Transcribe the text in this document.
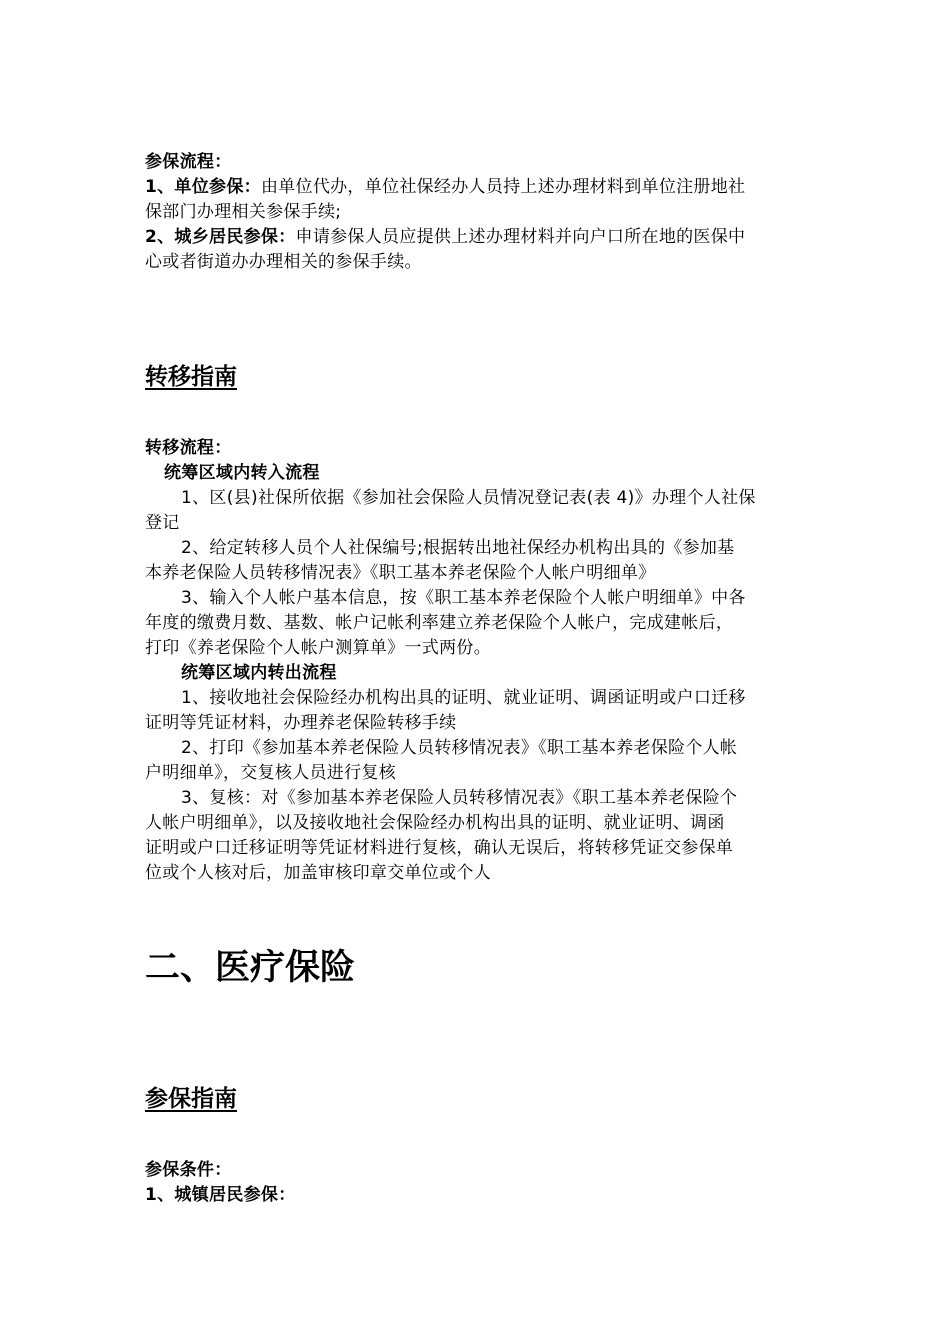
参保流程：
1、单位参保：由单位代办，单位社保经办人员持上述办理材料到单位注册地社
保部门办理相关参保手续;
2、城乡居民参保：申请参保人员应提供上述办理材料并向户口所在地的医保中
心或者街道办办理相关的参保手续。
转移指南
转移流程：
统筹区域内转入流程
1、区(县)社保所依据《参加社会保险人员情况登记表(表 4)》办理个人社保
登记
2、给定转移人员个人社保编号;根据转出地社保经办机构出具的《参加基
本养老保险人员转移情况表》《职工基本养老保险个人帐户明细单》
3、输入个人帐户基本信息，按《职工基本养老保险个人帐户明细单》中各
年度的缴费月数、基数、帐户记帐利率建立养老保险个人帐户，完成建帐后，
打印《养老保险个人帐户测算单》一式两份。
统筹区域内转出流程
1、接收地社会保险经办机构出具的证明、就业证明、调函证明或户口迁移
证明等凭证材料，办理养老保险转移手续
2、打印《参加基本养老保险人员转移情况表》《职工基本养老保险个人帐
户明细单》，交复核人员进行复核
3、复核：对《参加基本养老保险人员转移情况表》《职工基本养老保险个
人帐户明细单》，以及接收地社会保险经办机构出具的证明、就业证明、调函
证明或户口迁移证明等凭证材料进行复核，确认无误后，将转移凭证交参保单
位或个人核对后，加盖审核印章交单位或个人
二、医疗保险
参保指南
参保条件：
1、城镇居民参保：
